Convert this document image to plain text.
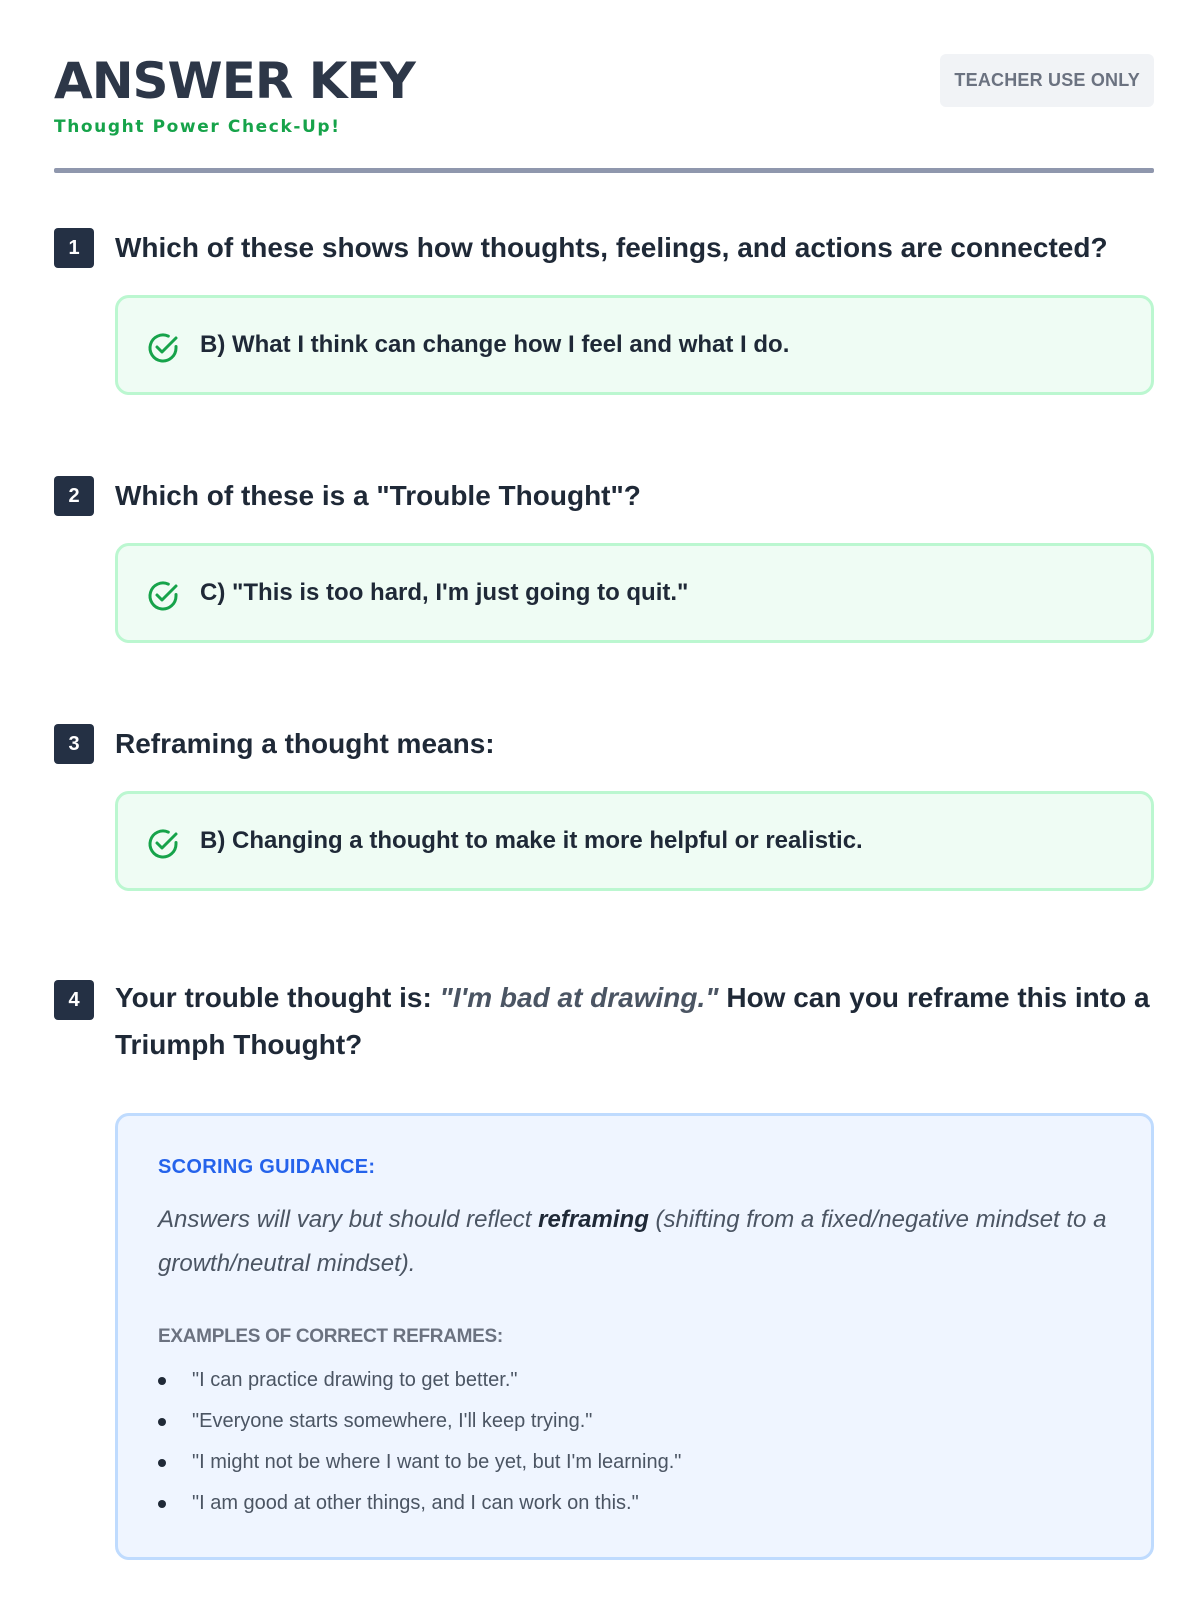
ANSWER KEY
Thought Power Check-Up!
TEACHER USE ONLY
1	Which of these shows how thoughts, feelings, and actions are connected?
B) What I think can change how I feel and what I do.
2	Which of these is a "Trouble Thought"?
C) "This is too hard, I'm just going to quit."
3	Reframing a thought means:
B) Changing a thought to make it more helpful or realistic.
4	Your trouble thought is: "I'm bad at drawing." How can you reframe this into a Triumph Thought?
SCORING GUIDANCE:
Answers will vary but should reflect reframing (shifting from a fixed/negative mindset to a growth/neutral mindset).
EXAMPLES OF CORRECT REFRAMES:
"I can practice drawing to get better."
"Everyone starts somewhere, I'll keep trying."
"I might not be where I want to be yet, but I'm learning."
"I am good at other things, and I can work on this."
